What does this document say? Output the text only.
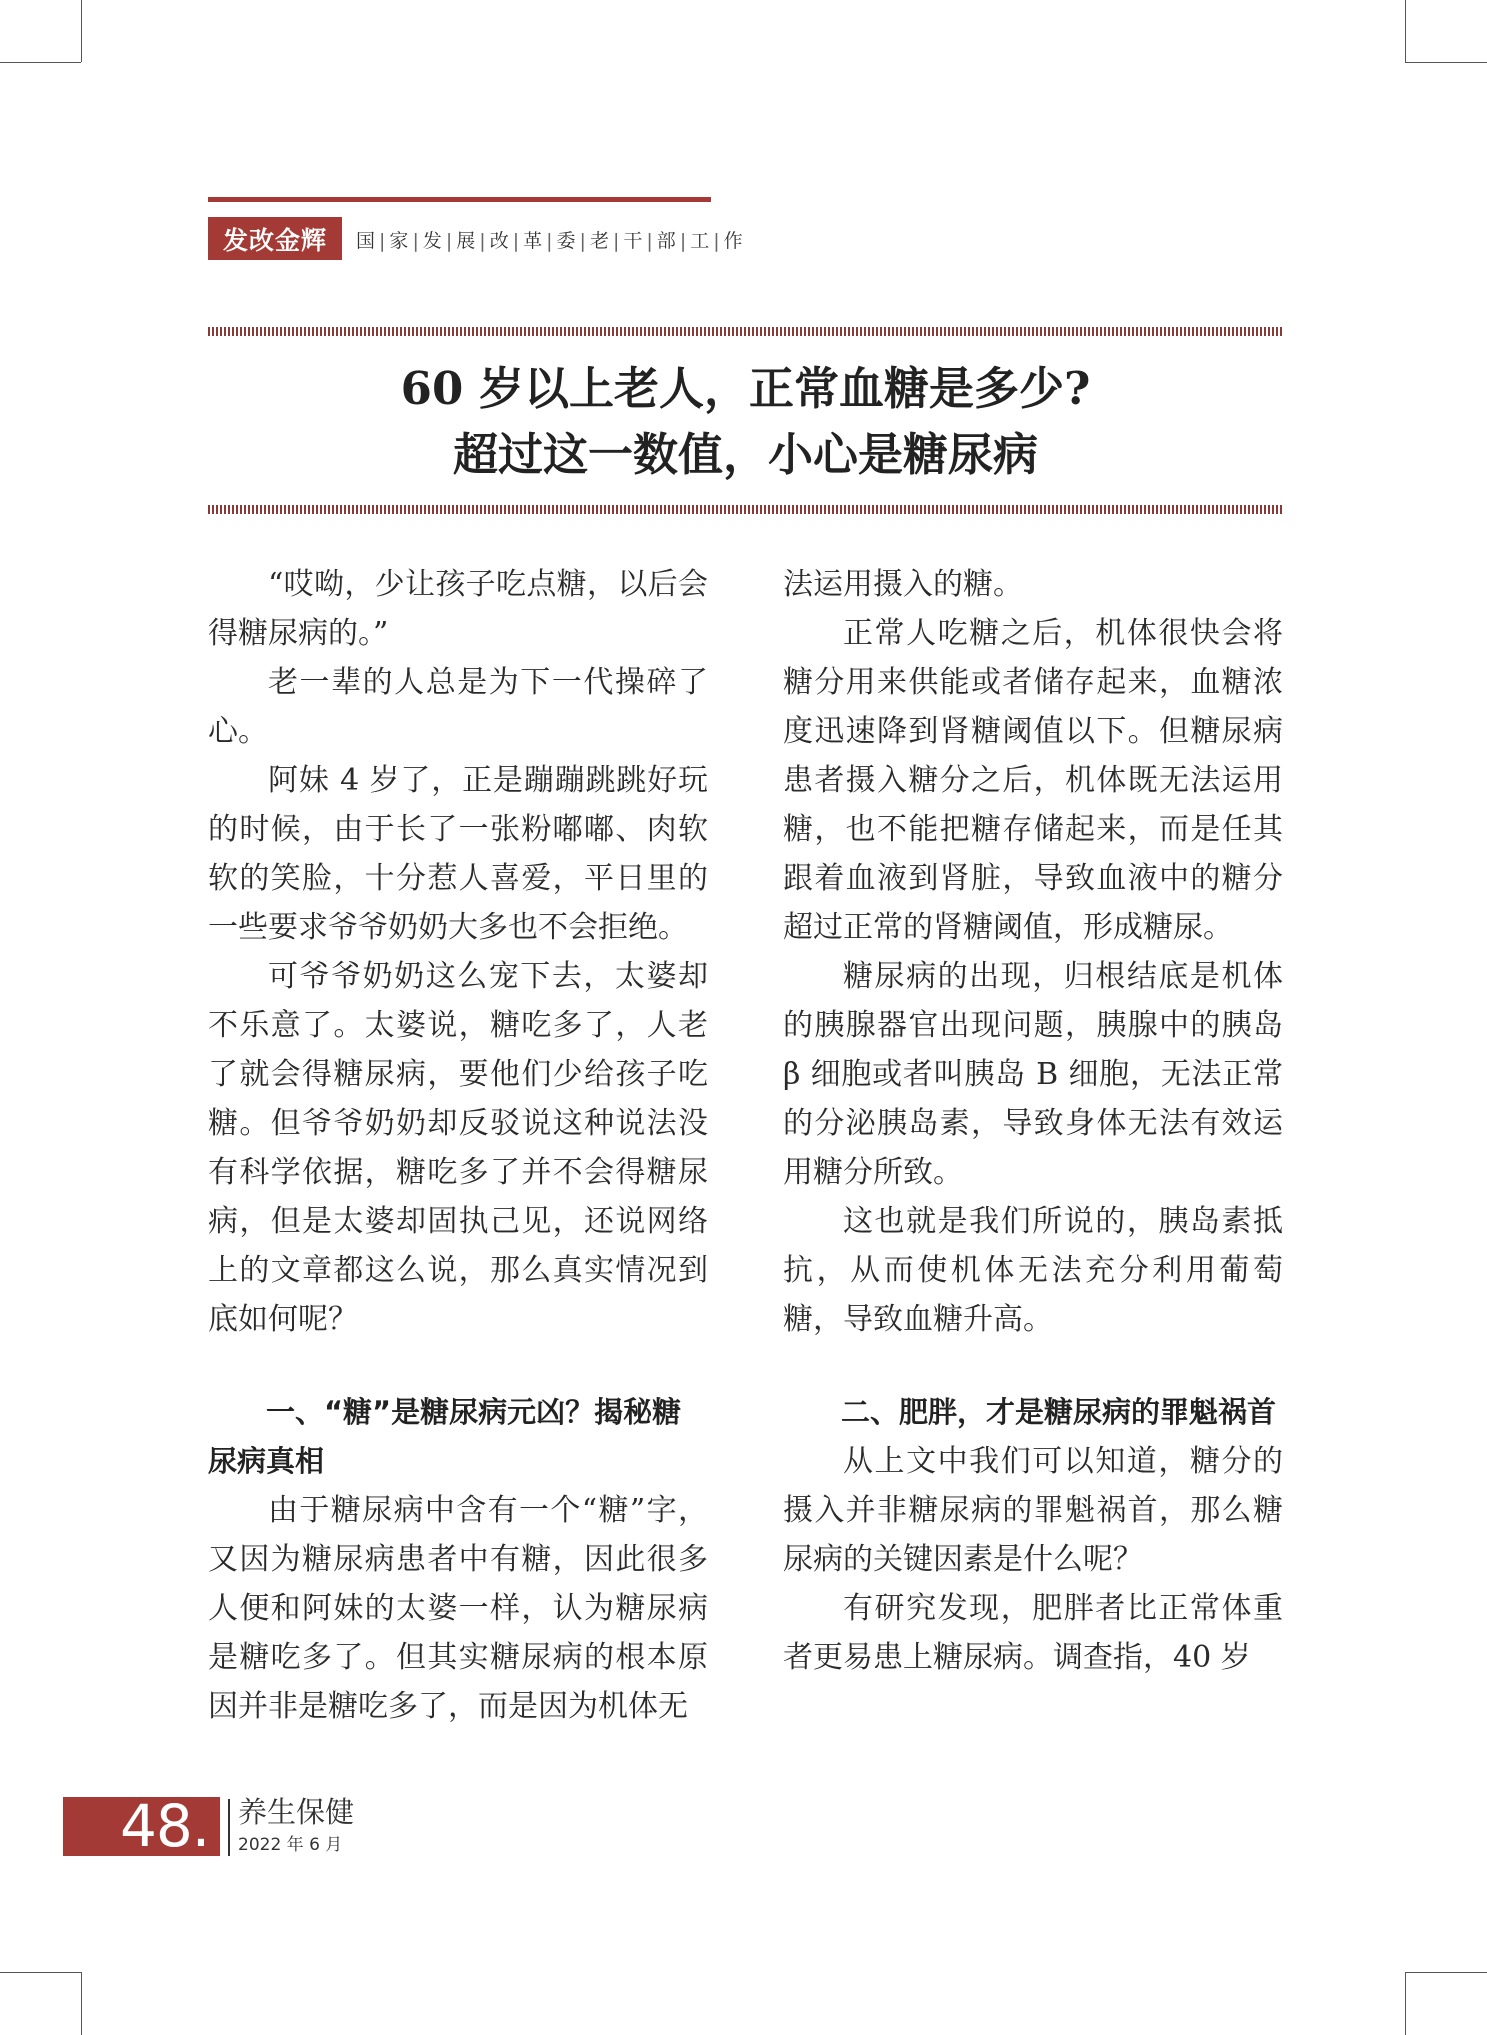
发改金辉	国|家|发|展|改|革|委|老|干|部|工|作
60 岁以上老人，正常血糖是多少?
超过这一数值，小心是糖尿病

“哎呦，少让孩子吃点糖，以后会得糖尿病的。”

老一辈的人总是为下一代操碎了心。

阿妹 4 岁了，正是蹦蹦跳跳好玩的时候，由于长了一张粉嘟嘟、肉软软的笑脸，十分惹人喜爱，平日里的一些要求爷爷奶奶大多也不会拒绝。

可爷爷奶奶这么宠下去，太婆却不乐意了。太婆说，糖吃多了，人老了就会得糖尿病，要他们少给孩子吃糖。但爷爷奶奶却反驳说这种说法没有科学依据，糖吃多了并不会得糖尿病，但是太婆却固执己见，还说网络上的文章都这么说，那么真实情况到底如何呢？

一、“糖”是糖尿病元凶？揭秘糖尿病真相

由于糖尿病中含有一个“糖”字，又因为糖尿病患者中有糖，因此很多人便和阿妹的太婆一样，认为糖尿病是糖吃多了。但其实糖尿病的根本原因并非是糖吃多了，而是因为机体无

法运用摄入的糖。

正常人吃糖之后，机体很快会将糖分用来供能或者储存起来，血糖浓度迅速降到肾糖阈值以下。但糖尿病患者摄入糖分之后，机体既无法运用糖，也不能把糖存储起来，而是任其跟着血液到肾脏，导致血液中的糖分超过正常的肾糖阈值，形成糖尿。

糖尿病的出现，归根结底是机体的胰腺器官出现问题，胰腺中的胰岛 β 细胞或者叫胰岛 B 细胞，无法正常的分泌胰岛素，导致身体无法有效运用糖分所致。

这也就是我们所说的，胰岛素抵抗，从而使机体无法充分利用葡萄糖，导致血糖升高。

二、肥胖，才是糖尿病的罪魁祸首

从上文中我们可以知道，糖分的摄入并非糖尿病的罪魁祸首，那么糖尿病的关键因素是什么呢？

有研究发现，肥胖者比正常体重者更易患上糖尿病。调查指，40 岁

48. 养生保健
2022 年 6 月
